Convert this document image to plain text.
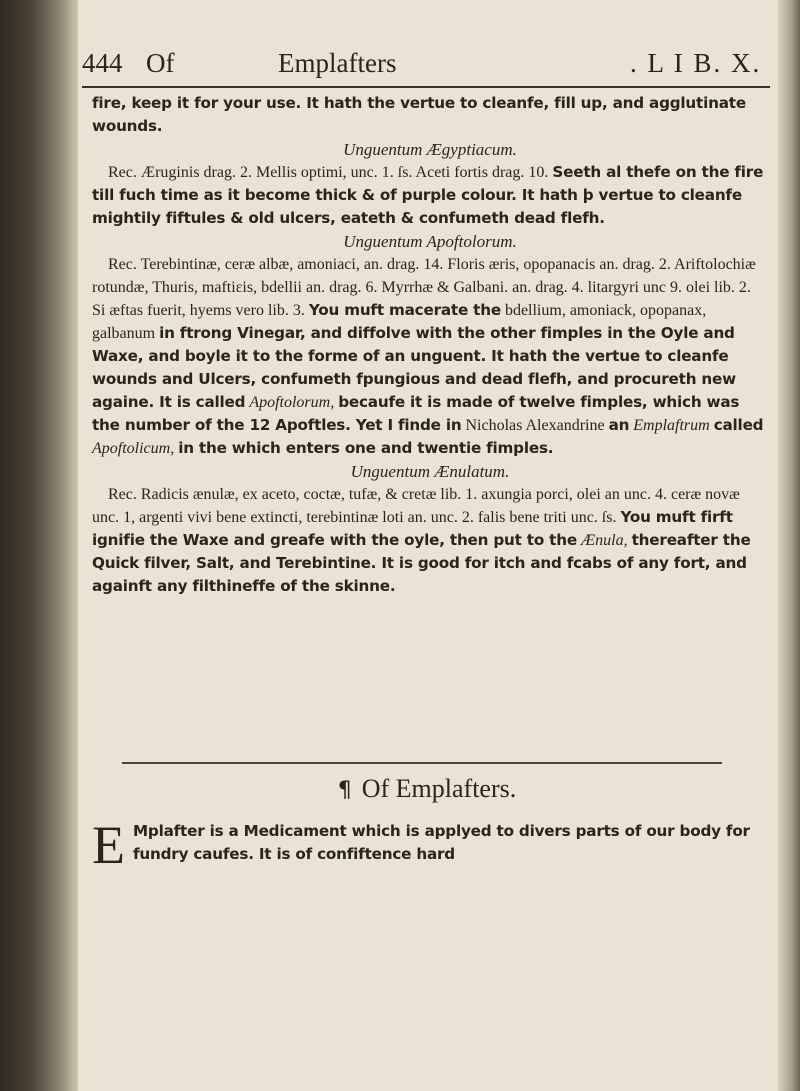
444 Of	Emplafters	. L I B. X.

fire, keep it for your use. It hath the vertue to cleanfe, fill up, and agglutinate wounds.

Unguentum Ægyptiacum.

Rec. Æruginis drag. 2. Mellis optimi, unc. 1. ſs. Aceti fortis drag. 10. Seeth al thefe on the fire till fuch time as it become thick & of purple colour. It hath þ vertue to cleanfe mightily fiftules & old ulcers, eateth & confumeth dead flefh.

Unguentum Apoftolorum.

Rec. Terebintinæ, ceræ albæ, amoniaci, an. drag. 14. Floris æris, opopanacis an. drag. 2. Ariftolochiæ rotundæ, Thuris, maftiɛis, bdellii an. drag. 6. Myrrhæ & Galbani. an. drag. 4. litargyri unc 9. olei lib. 2. Si æftas fuerit, hyems vero lib. 3. You muft macerate the bdellium, amoniack, opopanax, galbanum in ftrong Vinegar, and diffolve with the other fimples in the Oyle and Waxe, and boyle it to the forme of an unguent. It hath the vertue to cleanfe wounds and Ulcers, confumeth fpungious and dead flefh, and procureth new againe. It is called Apoftolorum, becaufe it is made of twelve fimples, which was the number of the 12 Apoftles. Yet I finde in Nicholas Alexandrine an Emplaftrum called Apoftolicum, in the which enters one and twentie fimples.

Unguentum Ænulatum.

Rec. Radicis ænulæ, ex aceto, coctæ, tufæ, & cretæ lib. 1. axungia porci, olei an unc. 4. ceræ novæ unc. 1, argenti vivi bene extincti, terebintinæ loti an. unc. 2. falis bene triti unc. ſs. You muft firft ignifie the Waxe and greafe with the oyle, then put to the Ænula, thereafter the Quick filver, Salt, and Terebintine. It is good for itch and fcabs of any fort, and againft any filthineffe of the skinne.

¶ Of Emplafters.
E Mplafter is a Medicament which is applyed to divers parts of our body for fundry caufes. It is of confiftence hard
